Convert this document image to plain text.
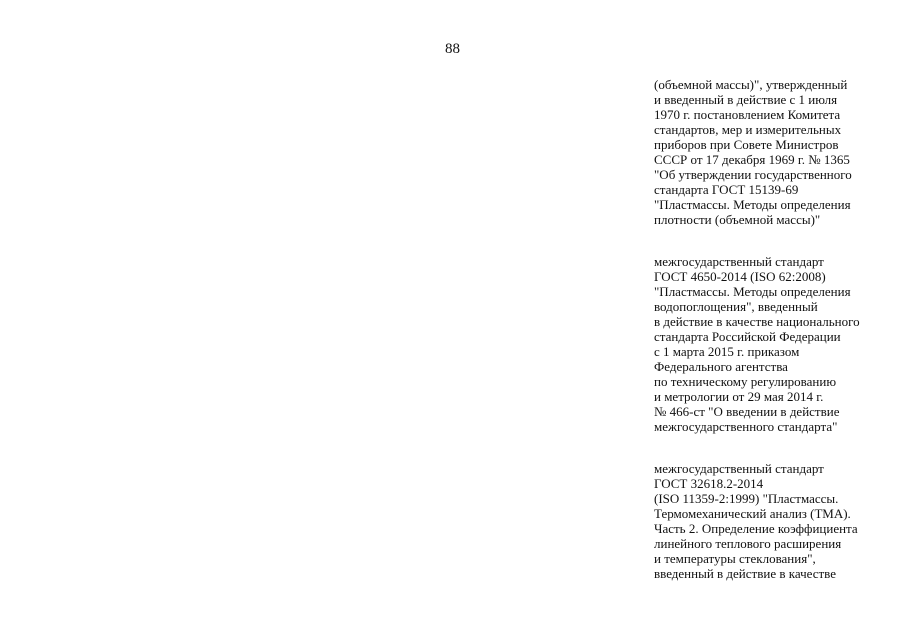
88
(объемной массы)", утвержденный
и введенный в действие с 1 июля
1970 г. постановлением Комитета
стандартов, мер и измерительных
приборов при Совете Министров
СССР от 17 декабря 1969 г. № 1365
"Об утверждении государственного
стандарта ГОСТ 15139-69
"Пластмассы. Методы определения
плотности (объемной массы)"
межгосударственный стандарт
ГОСТ 4650-2014 (ISO 62:2008)
"Пластмассы. Методы определения
водопоглощения", введенный
в действие в качестве национального
стандарта Российской Федерации
с 1 марта 2015 г. приказом
Федерального агентства
по техническому регулированию
и метрологии от 29 мая 2014 г.
№ 466-ст "О введении в действие
межгосударственного стандарта"
межгосударственный стандарт
ГОСТ 32618.2-2014
(ISO 11359-2:1999) "Пластмассы.
Термомеханический анализ (ТМА).
Часть 2. Определение коэффициента
линейного теплового расширения
и температуры стеклования",
введенный в действие в качестве
